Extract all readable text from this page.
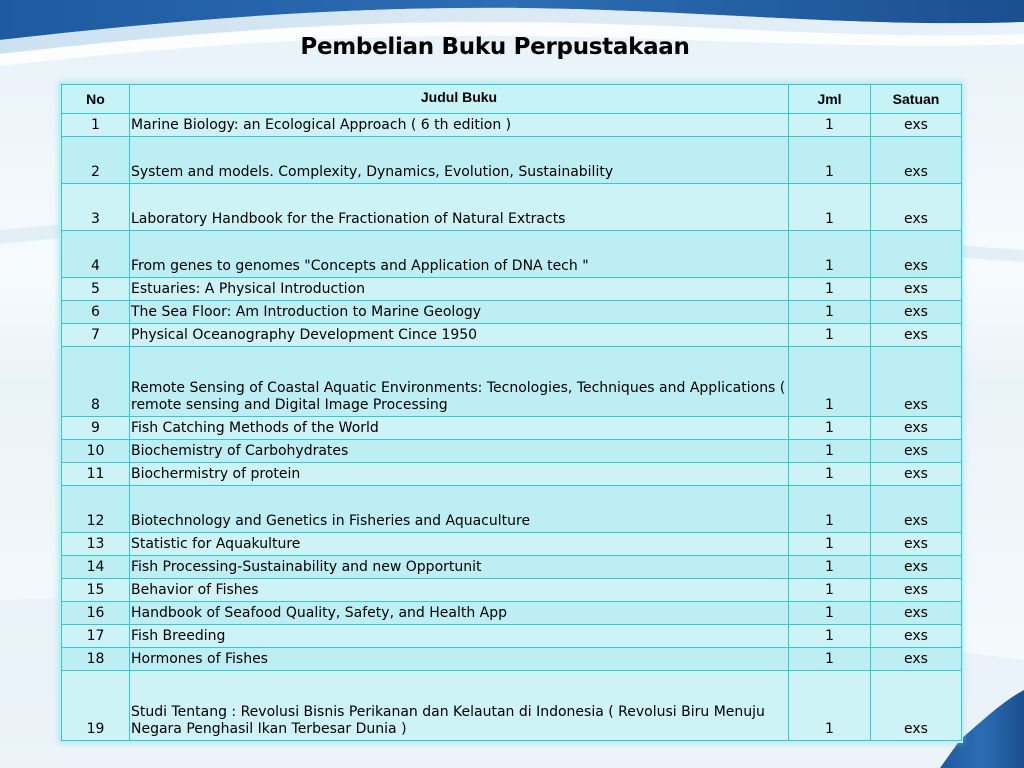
Pembelian Buku Perpustakaan
No	Judul Buku	Jml	Satuan
1	Marine Biology: an Ecological Approach ( 6 th edition )	1	exs
2	System and models. Complexity, Dynamics, Evolution, Sustainability	1	exs
3	Laboratory Handbook for the Fractionation of Natural Extracts	1	exs
4	From genes to genomes "Concepts and Application of DNA tech "	1	exs
5	Estuaries: A Physical Introduction	1	exs
6	The Sea Floor: Am Introduction to Marine Geology	1	exs
7	Physical Oceanography Development Cince 1950	1	exs
8	Remote Sensing of Coastal Aquatic Environments: Tecnologies, Techniques and Applications ( remote sensing and Digital Image Processing	1	exs
9	Fish Catching Methods of the World	1	exs
10	Biochemistry of Carbohydrates	1	exs
11	Biochermistry of protein	1	exs
12	Biotechnology and Genetics in Fisheries and Aquaculture	1	exs
13	Statistic for Aquakulture	1	exs
14	Fish Processing-Sustainability and new Opportunit	1	exs
15	Behavior of Fishes	1	exs
16	Handbook of Seafood Quality, Safety, and Health App	1	exs
17	Fish Breeding	1	exs
18	Hormones of Fishes	1	exs
19	Studi Tentang : Revolusi Bisnis Perikanan dan Kelautan di Indonesia ( Revolusi Biru Menuju Negara Penghasil Ikan Terbesar Dunia )	1	exs
